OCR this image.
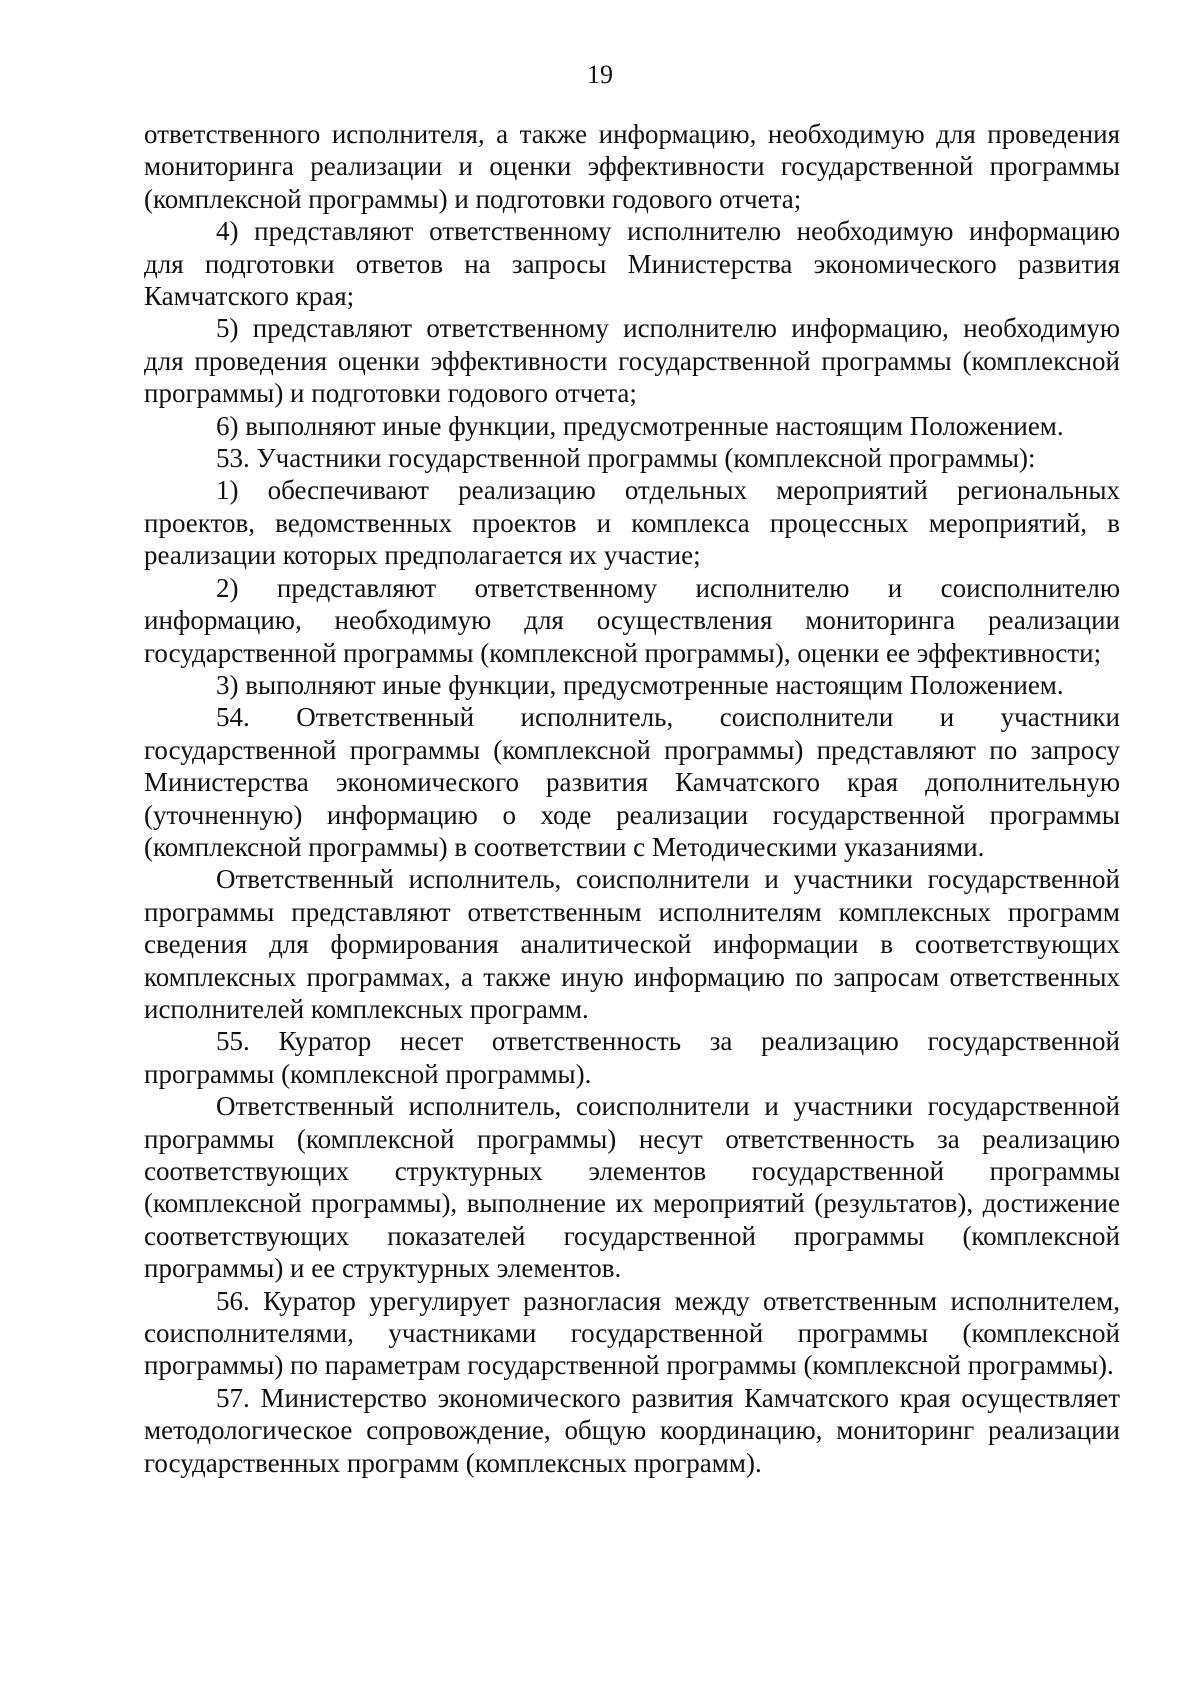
19

ответственного исполнителя, а также информацию, необходимую для проведения мониторинга реализации и оценки эффективности государственной программы (комплексной программы) и подготовки годового отчета;

4) представляют ответственному исполнителю необходимую информацию для подготовки ответов на запросы Министерства экономического развития Камчатского края;

5) представляют ответственному исполнителю информацию, необходимую для проведения оценки эффективности государственной программы (комплексной программы) и подготовки годового отчета;

6) выполняют иные функции, предусмотренные настоящим Положением.

53. Участники государственной программы (комплексной программы):

1) обеспечивают реализацию отдельных мероприятий региональных проектов, ведомственных проектов и комплекса процессных мероприятий, в реализации которых предполагается их участие;

2) представляют ответственному исполнителю и соисполнителю информацию, необходимую для осуществления мониторинга реализации государственной программы (комплексной программы), оценки ее эффективности;

3) выполняют иные функции, предусмотренные настоящим Положением.

54. Ответственный исполнитель, соисполнители и участники государственной программы (комплексной программы) представляют по запросу Министерства экономического развития Камчатского края дополнительную (уточненную) информацию о ходе реализации государственной программы (комплексной программы) в соответствии с Методическими указаниями.

Ответственный исполнитель, соисполнители и участники государственной программы представляют ответственным исполнителям комплексных программ сведения для формирования аналитической информации в соответствующих комплексных программах, а также иную информацию по запросам ответственных исполнителей комплексных программ.

55. Куратор несет ответственность за реализацию государственной программы (комплексной программы).

Ответственный исполнитель, соисполнители и участники государственной программы (комплексной программы) несут ответственность за реализацию соответствующих структурных элементов государственной программы (комплексной программы), выполнение их мероприятий (результатов), достижение соответствующих показателей государственной программы (комплексной программы) и ее структурных элементов.

56. Куратор урегулирует разногласия между ответственным исполнителем, соисполнителями, участниками государственной программы (комплексной программы) по параметрам государственной программы (комплексной программы).

57. Министерство экономического развития Камчатского края осуществляет методологическое сопровождение, общую координацию, мониторинг реализации государственных программ (комплексных программ).
